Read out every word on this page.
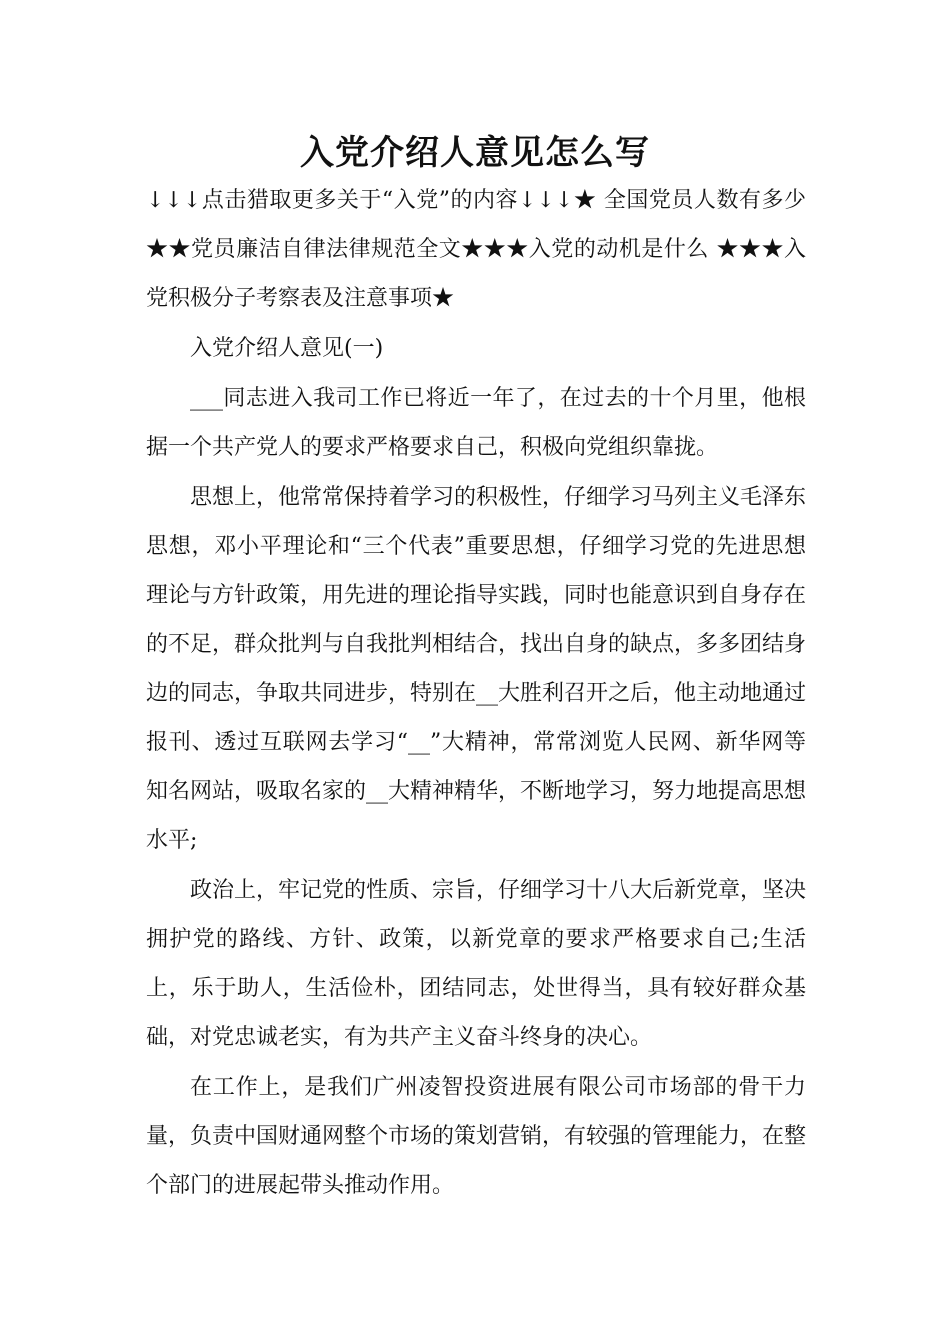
入党介绍人意见怎么写

↓↓↓点击猎取更多关于“入党”的内容↓↓↓★ 全国党员人数有多少★★党员廉洁自律法律规范全文★★★入党的动机是什么 ★★★入党积极分子考察表及注意事项★

入党介绍人意见(一)

___同志进入我司工作已将近一年了，在过去的十个月里，他根据一个共产党人的要求严格要求自己，积极向党组织靠拢。

思想上，他常常保持着学习的积极性，仔细学习马列主义毛泽东思想，邓小平理论和“三个代表”重要思想，仔细学习党的先进思想理论与方针政策，用先进的理论指导实践，同时也能意识到自身存在的不足，群众批判与自我批判相结合，找出自身的缺点，多多团结身边的同志，争取共同进步，特别在__大胜利召开之后，他主动地通过报刊、透过互联网去学习“__”大精神，常常浏览人民网、新华网等知名网站，吸取名家的__大精神精华，不断地学习，努力地提高思想水平;

政治上，牢记党的性质、宗旨，仔细学习十八大后新党章，坚决拥护党的路线、方针、政策，以新党章的要求严格要求自己;生活上，乐于助人，生活俭朴，团结同志，处世得当，具有较好群众基础，对党忠诚老实，有为共产主义奋斗终身的决心。

在工作上，是我们广州凌智投资进展有限公司市场部的骨干力量，负责中国财通网整个市场的策划营销，有较强的管理能力，在整个部门的进展起带头推动作用。
